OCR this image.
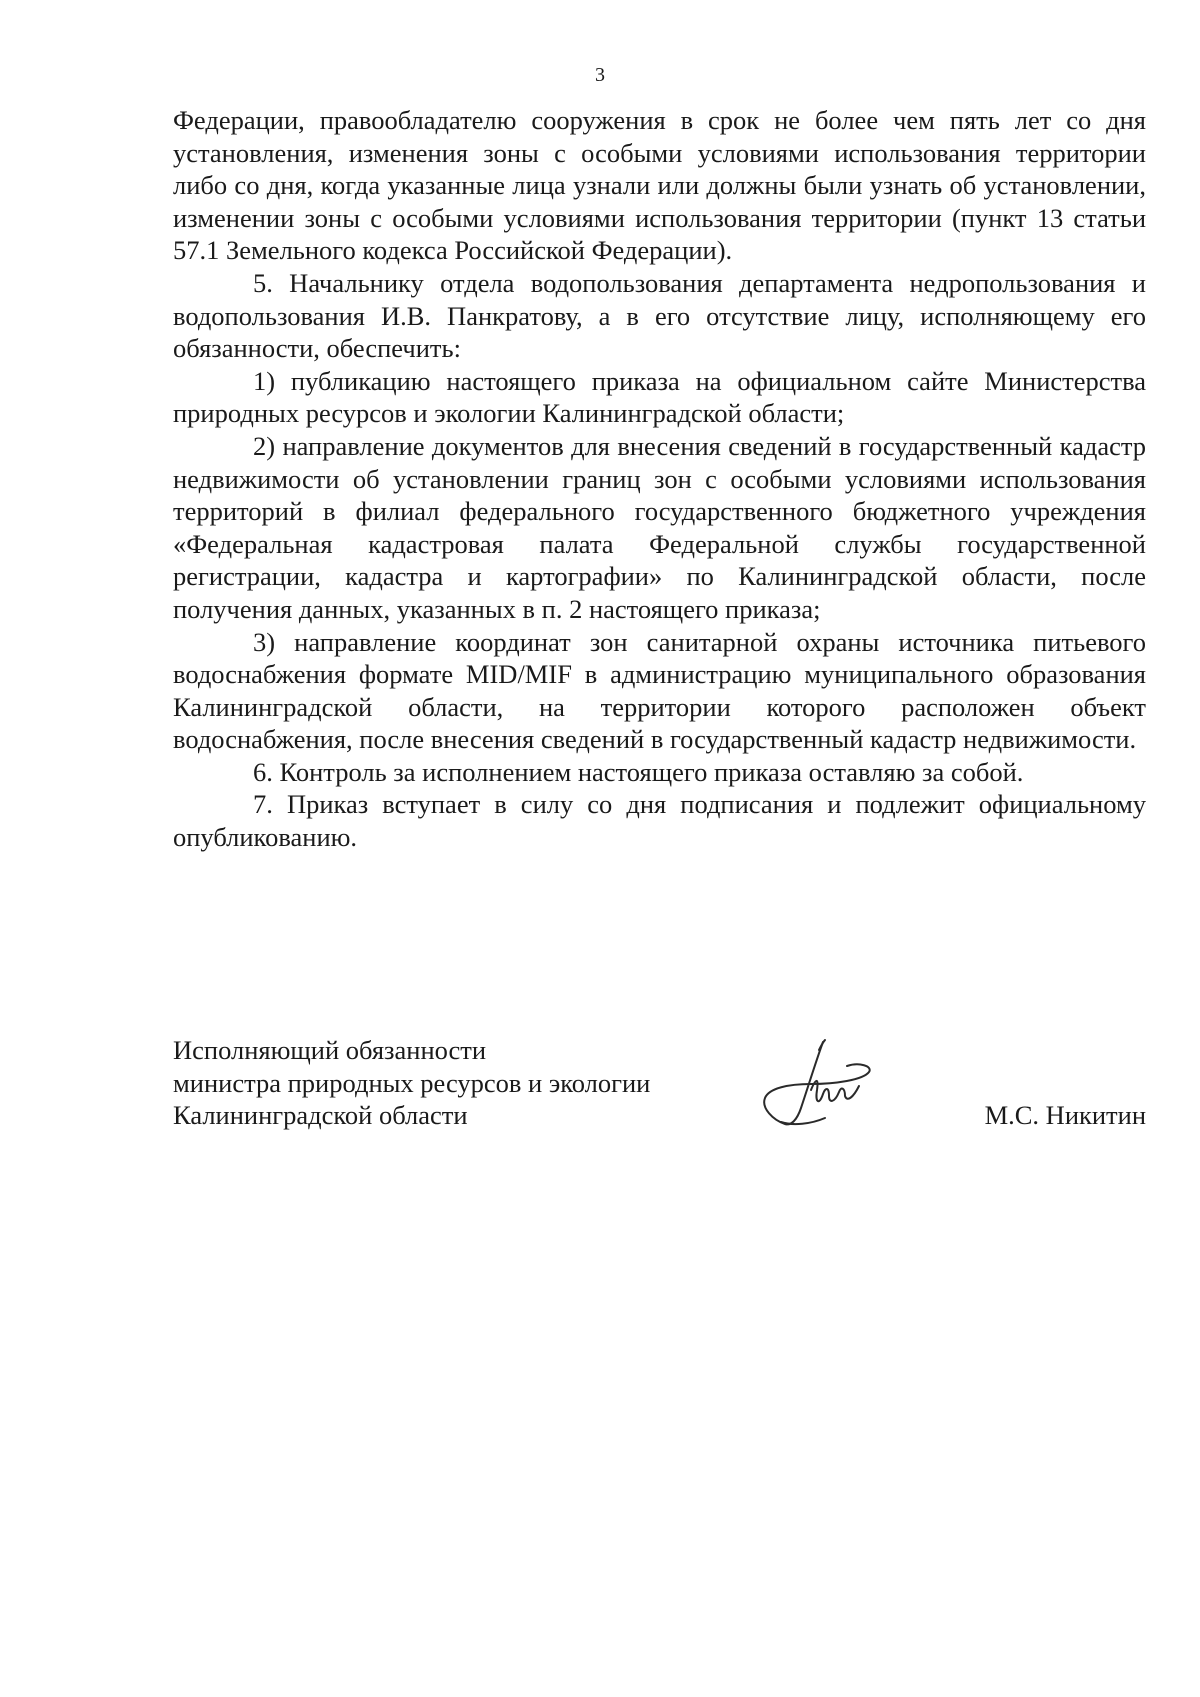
3

Федерации, правообладателю сооружения в срок не более чем пять лет со дня установления, изменения зоны с особыми условиями использования территории либо со дня, когда указанные лица узнали или должны были узнать об установлении, изменении зоны с особыми условиями использования территории (пункт 13 статьи 57.1 Земельного кодекса Российской Федерации).

5. Начальнику отдела водопользования департамента недропользования и водопользования И.В. Панкратову, а в его отсутствие лицу, исполняющему его обязанности, обеспечить:

1) публикацию настоящего приказа на официальном сайте Министерства природных ресурсов и экологии Калининградской области;

2) направление документов для внесения сведений в государственный кадастр недвижимости об установлении границ зон с особыми условиями использования территорий в филиал федерального государственного бюджетного учреждения «Федеральная кадастровая палата Федеральной службы государственной регистрации, кадастра и картографии» по Калининградской области, после получения данных, указанных в п. 2 настоящего приказа;

3) направление координат зон санитарной охраны источника питьевого водоснабжения формате MID/MIF в администрацию муниципального образования Калининградской области, на территории которого расположен объект водоснабжения, после внесения сведений в государственный кадастр недвижимости.

6. Контроль за исполнением настоящего приказа оставляю за собой.

7. Приказ вступает в силу со дня подписания и подлежит официальному опубликованию.

Исполняющий обязанности
министра природных ресурсов и экологии
Калининградской области	М.С. Никитин
